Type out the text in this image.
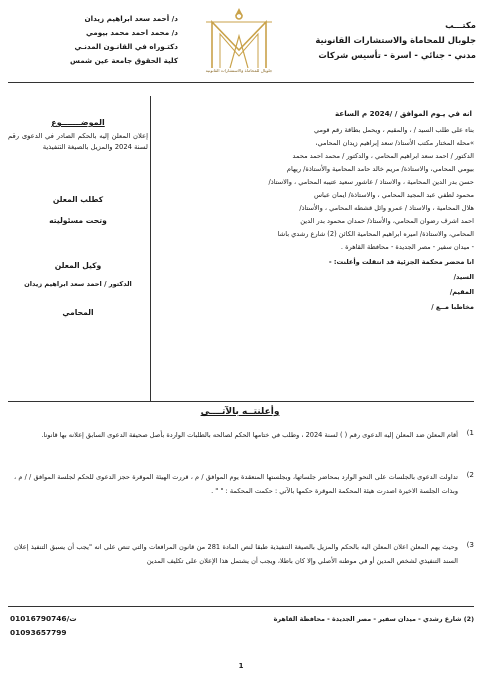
د/ أحمد سعد ابراهيم زيدان
د/ محمد احمد محمد بيومي
دكتـوراه في القانـون المدنـي
كلية الحقوق جامعة عين شمس
جلوبال للمحاماة والاستشارات القانونية
مكتـــب
جلوبال للمحاماة والاستشارات القانونية
مدني - جنائي - اسرة - تأسيس شركات
انه في يـوم الموافق / /2024 م الساعة
الموضـــــــوع
إعلان المعلن إليه بالحكم الصادر في الدعوى رقم لسنة 2024 والمزيل بالصيغة التنفيذية
كطلب المعلن
وتحت مسئوليته
وكيل المعلن
الدكتور / احمد سعد ابراهيم زيدان
المحامي
بناء على طلب السيد / ، والمقيم ، ويحمل بطاقة رقم قومي
»محله المختار مكتب الأستاذ/ سعد إبراهيم زيدان المحامي،
الدكتور / احمد سعد ابراهيم المحامي ، والدكتور / محمد احمد محمد
بيومي المحامي، والاستاذة/ مريم خالد حامد المحامية والأستاذة/ ريهام
حسن بدر الدين المحامية ، والاستاذ / عاشور سعيد عتيبه المحامي ، والاستاذ/
محمود لطفي عبد المجيد المحامي ، والاستاذة/ ايمان عباس
هلال المحامية ، والاستاذ / عمرو وائل قشطه المحامي ، والأستاذ/
احمد اشرف رضوان المحامي، والأستاذ/ حمدان محمود بدر الدين
المحامي، والاستاذة/ اميره ابراهيم المحامية الكائن (2) شارع رشدي باشا
- ميدان سفير - مصر الجديدة - محافظة القاهرة .
انا محضر محكمة الجزئية قد انتقلت وأعلنت: -
السيد/
المقيم/
مخاطبا مــع /
وأعلنتــه بالآتــــي
1)
أقام المعلن ضد المعلن إليه الدعوى رقم ( ) لسنة 2024 ، وطلب في ختامها الحكم لصالحه بالطلبات الواردة بأصل صحيفة الدعوى السابق إعلانه بها قانونا.
2)
تداولت الدعوى بالجلسات على النحو الوارد بمحاضر جلساتها، وبجلستها المنعقدة يوم الموافق / م ، قررت الهيئة الموقرة حجز الدعوى للحكم لجلسة الموافق / / م ، وبذات الجلسة الاخيرة اصدرت هيئة المحكمة الموقرة حكمها بالآتي : حكمت المحكمة : " " .
3)
وحيث يهم المعلن اعلان المعلن اليه بالحكم والمزيل بالصيغة التنفيذية طبقا لنص المادة 281 من قانون المرافعات والتي تنص على انه "يجب أن يسبق التنفيذ إعلان السند التنفيذي لشخص المدين أو في موطنه الأصلي وإلا كان باطلا، ويجب أن يشتمل هذا الإعلان على تكليف المدين
ت/01016790746
01093657799
(2) شارع رشدي - ميدان سفير - مصر الجديدة - محافظة القاهرة
1
